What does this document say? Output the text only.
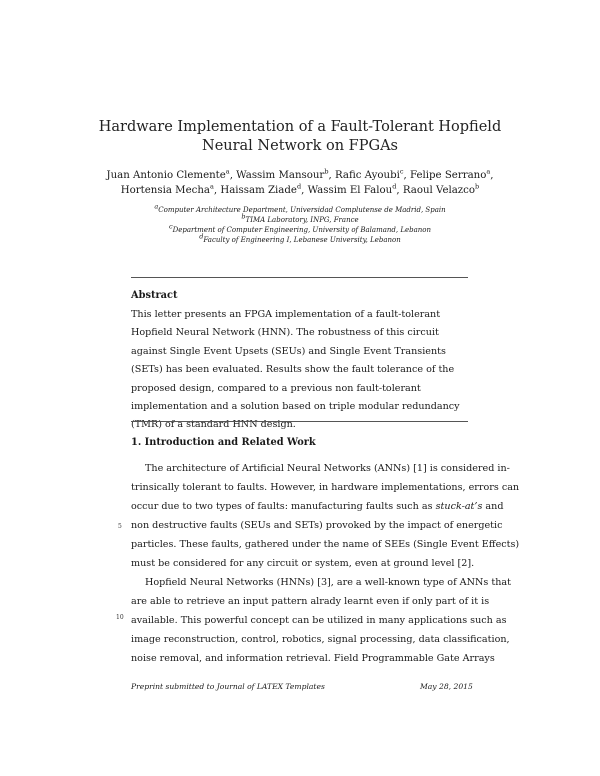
Hardware Implementation of a Fault-Tolerant Hopfield
Neural Network on FPGAs
Juan Antonio Clemente$^a$, Wassim Mansour$^b$, Rafic Ayoubi$^c$, Felipe Serrano$^a$,
Hortensia Mecha$^a$, Haissam Ziade$^d$, Wassim El Falou$^d$, Raoul Velazco$^b$
$^a$Computer Architecture Department, Universidad Complutense de Madrid, Spain
$^b$TIMA Laboratory, INPG, France
$^c$Department of Computer Engineering, University of Balamand, Lebanon
$^d$Faculty of Engineering I, Lebanese University, Lebanon
Abstract
This letter presents an FPGA implementation of a fault-tolerant Hopfield Neural Network (HNN). The robustness of this circuit against Single Event Upsets (SEUs) and Single Event Transients (SETs) has been evaluated. Results show the fault tolerance of the proposed design, compared to a previous non fault-tolerant implementation and a solution based on triple modular redundancy (TMR) of a standard HNN design.
1. Introduction and Related Work
The architecture of Artificial Neural Networks (ANNs) [1] is considered in-
trinsically tolerant to faults. However, in hardware implementations, errors can
occur due to two types of faults: manufacturing faults such as stuck-at’s and
non destructive faults (SEUs and SETs) provoked by the impact of energetic
particles. These faults, gathered under the name of SEEs (Single Event Effects)
must be considered for any circuit or system, even at ground level [2].
Hopfield Neural Networks (HNNs) [3], are a well-known type of ANNs that
are able to retrieve an input pattern alrady learnt even if only part of it is
available. This powerful concept can be utilized in many applications such as
image reconstruction, control, robotics, signal processing, data classification,
noise removal, and information retrieval. Field Programmable Gate Arrays
5
10
Preprint submitted to Journal of LATEX Templates	May 28, 2015
